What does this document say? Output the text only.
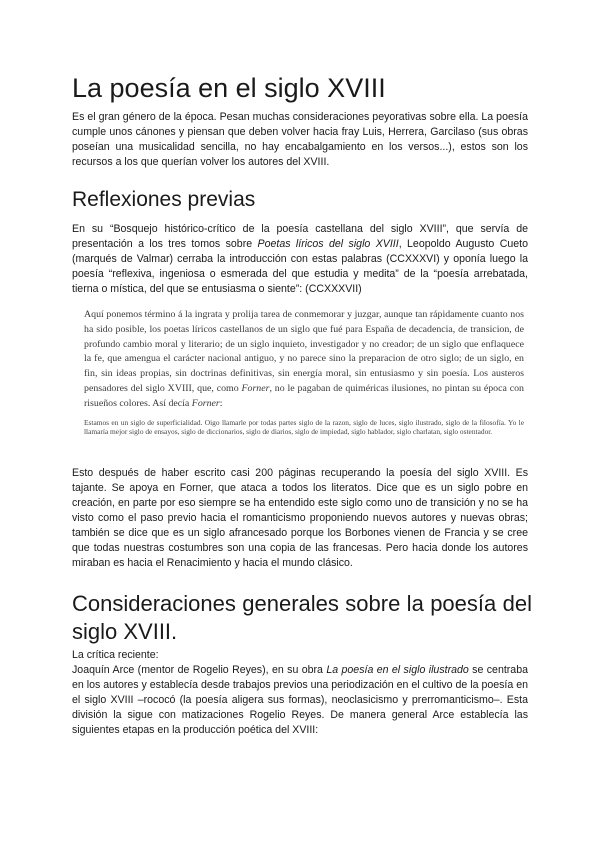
La poesía en el siglo XVIII

Es el gran género de la época. Pesan muchas consideraciones peyorativas sobre ella. La poesía cumple unos cánones y piensan que deben volver hacia fray Luis, Herrera, Garcilaso (sus obras poseían una musicalidad sencilla, no hay encabalgamiento en los versos...), estos son los recursos a los que querían volver los autores del XVIII.

Reflexiones previas

En su “Bosquejo histórico-crítico de la poesía castellana del siglo XVIII”, que servía de presentación a los tres tomos sobre Poetas líricos del siglo XVIII, Leopoldo Augusto Cueto (marqués de Valmar) cerraba la introducción con estas palabras (CCXXXVI) y oponía luego la poesía “reflexiva, ingeniosa o esmerada del que estudia y medita” de la “poesía arrebatada, tierna o mística, del que se entusiasma o siente”: (CCXXXVII)

Aquí ponemos término á la ingrata y prolija tarea de conmemorar y juzgar, aunque tan rápidamente cuanto nos ha sido posible, los poetas líricos castellanos de un siglo que fué para España de decadencia, de transicion, de profundo cambio moral y literario; de un siglo inquieto, investigador y no creador; de un siglo que enflaquece la fe, que amengua el carácter nacional antiguo, y no parece sino la preparacion de otro siglo; de un siglo, en fin, sin ideas propias, sin doctrinas definitivas, sin energía moral, sin entusiasmo y sin poesía. Los austeros pensadores del siglo XVIII, que, como Forner, no le pagaban de quiméricas ilusiones, no pintan su época con risueños colores. Así decía Forner:

Estamos en un siglo de superficialidad. Oigo llamarle por todas partes siglo de la razon, siglo de luces, siglo ilustrado, siglo de la filosofía. Yo le llamaría mejor siglo de ensayos, siglo de diccionarios, siglo de diarios, siglo de impiedad, siglo hablador, siglo charlatan, siglo ostentador.

Esto después de haber escrito casi 200 páginas recuperando la poesía del siglo XVIII. Es tajante. Se apoya en Forner, que ataca a todos los literatos. Dice que es un siglo pobre en creación, en parte por eso siempre se ha entendido este siglo como uno de transición y no se ha visto como el paso previo hacia el romanticismo proponiendo nuevos autores y nuevas obras; también se dice que es un siglo afrancesado porque los Borbones vienen de Francia y se cree que todas nuestras costumbres son una copia de las francesas. Pero hacia donde los autores miraban es hacia el Renacimiento y hacia el mundo clásico.

Consideraciones generales sobre la poesía del siglo XVIII.

La crítica reciente:

Joaquín Arce (mentor de Rogelio Reyes), en su obra La poesía en el siglo ilustrado se centraba en los autores y establecía desde trabajos previos una periodización en el cultivo de la poesía en el siglo XVIII –rococó (la poesía aligera sus formas), neoclasicismo y prerromanticismo–. Esta división la sigue con matizaciones Rogelio Reyes. De manera general Arce establecía las siguientes etapas en la producción poética del XVIII:
